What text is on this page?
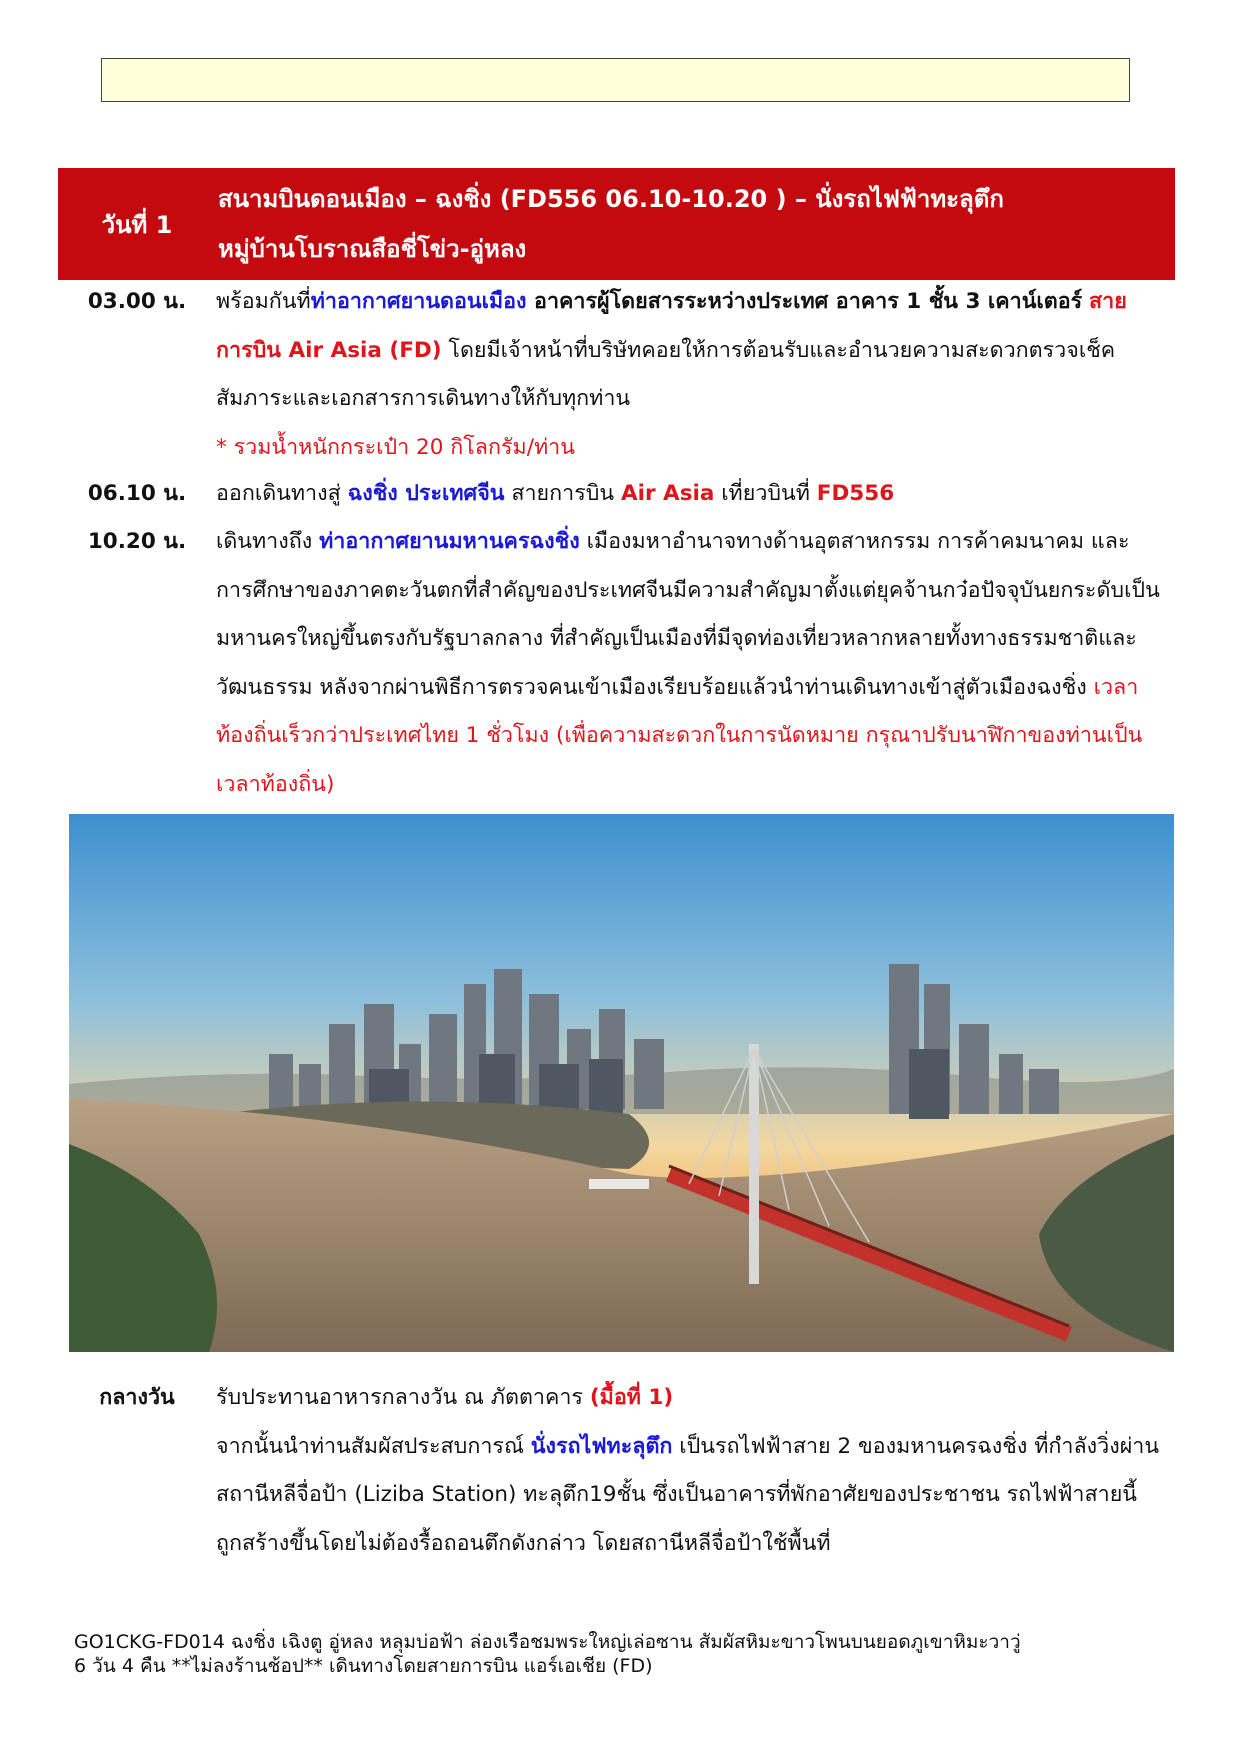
วันที่ 1
สนามบินดอนเมือง – ฉงชิ่ง (FD556 06.10-10.20 ) – นั่งรถไฟฟ้าทะลุตึก
หมู่บ้านโบราณสือชี่โข่ว-อู่หลง
03.00 น.	พร้อมกันที่ท่าอากาศยานดอนเมือง อาคารผู้โดยสารระหว่างประเทศ อาคาร 1 ชั้น 3 เคาน์เตอร์ สายการบิน Air Asia (FD) โดยมีเจ้าหน้าที่บริษัทคอยให้การต้อนรับและอำนวยความสะดวกตรวจเช็คสัมภาระและเอกสารการเดินทางให้กับทุกท่าน
* รวมน้ำหนักกระเป๋า 20 กิโลกรัม/ท่าน
06.10 น.	ออกเดินทางสู่ ฉงชิ่ง ประเทศจีน สายการบิน Air Asia เที่ยวบินที่ FD556
10.20 น.	เดินทางถึง ท่าอากาศยานมหานครฉงชิ่ง เมืองมหาอำนาจทางด้านอุตสาหกรรม การค้าคมนาคม และการศึกษาของภาคตะวันตกที่สำคัญของประเทศจีนมีความสำคัญมาตั้งแต่ยุคจ้านกว๋อปัจจุบันยกระดับเป็นมหานครใหญ่ขึ้นตรงกับรัฐบาลกลาง ที่สำคัญเป็นเมืองที่มีจุดท่องเที่ยวหลากหลายทั้งทางธรรมชาติและวัฒนธรรม หลังจากผ่านพิธีการตรวจคนเข้าเมืองเรียบร้อยแล้วนำท่านเดินทางเข้าสู่ตัวเมืองฉงชิ่ง เวลาท้องถิ่นเร็วกว่าประเทศไทย 1 ชั่วโมง (เพื่อความสะดวกในการนัดหมาย กรุณาปรับนาฬิกาของท่านเป็นเวลาท้องถิ่น)
กลางวัน	รับประทานอาหารกลางวัน ณ ภัตตาคาร (มื้อที่ 1)
จากนั้นนำท่านสัมผัสประสบการณ์ นั่งรถไฟทะลุตึก เป็นรถไฟฟ้าสาย 2 ของมหานครฉงชิ่ง ที่กำลังวิ่งผ่านสถานีหลีจื่อป้า (Liziba Station) ทะลุตึก19ชั้น ซึ่งเป็นอาคารที่พักอาศัยของประชาชน รถไฟฟ้าสายนี้ถูกสร้างขึ้นโดยไม่ต้องรื้อถอนตึกดังกล่าว โดยสถานีหลีจื่อป้าใช้พื้นที่
GO1CKG-FD014 ฉงชิ่ง เฉิงตู อู่หลง หลุมบ่อฟ้า ล่องเรือชมพระใหญ่เล่อซาน สัมผัสหิมะขาวโพนบนยอดภูเขาหิมะวาวู่
6 วัน 4 คืน **ไม่ลงร้านช้อป** เดินทางโดยสายการบิน แอร์เอเชีย (FD)
